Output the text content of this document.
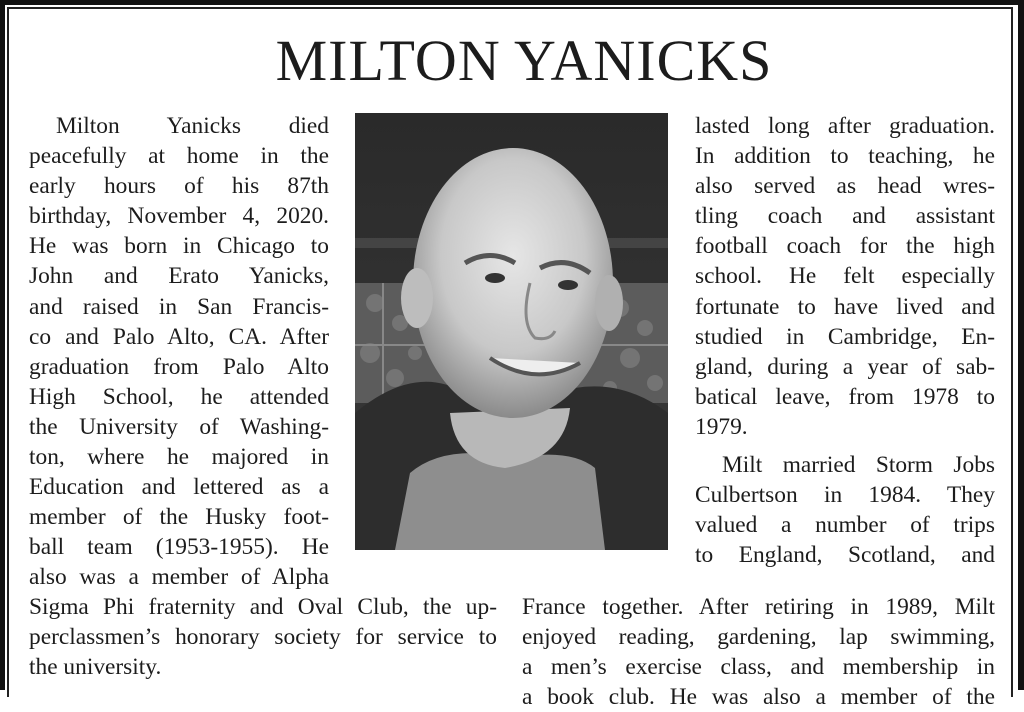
MILTON YANICKS
Milton Yanicks died
peacefully at home in the
early hours of his 87th
birthday, November 4, 2020.
He was born in Chicago to
John and Erato Yanicks,
and raised in San Francis-
co and Palo Alto, CA. After
graduation from Palo Alto
High School, he attended
the University of Washing-
ton, where he majored in
Education and lettered as a
member of the Husky foot-
ball team (1953-1955). He
also was a member of Alpha
Sigma Phi fraternity and Oval Club, the up-
perclassmen’s honorary society for service to
the university.
lasted long after graduation.
In addition to teaching, he
also served as head wres-
tling coach and assistant
football coach for the high
school. He felt especially
fortunate to have lived and
studied in Cambridge, En-
gland, during a year of sab-
batical leave, from 1978 to
1979.
Milt married Storm Jobs
Culbertson in 1984. They
valued a number of trips
to England, Scotland, and
France together. After retiring in 1989, Milt
enjoyed reading, gardening, lap swimming,
a men’s exercise class, and membership in
a book club. He was also a member of the
